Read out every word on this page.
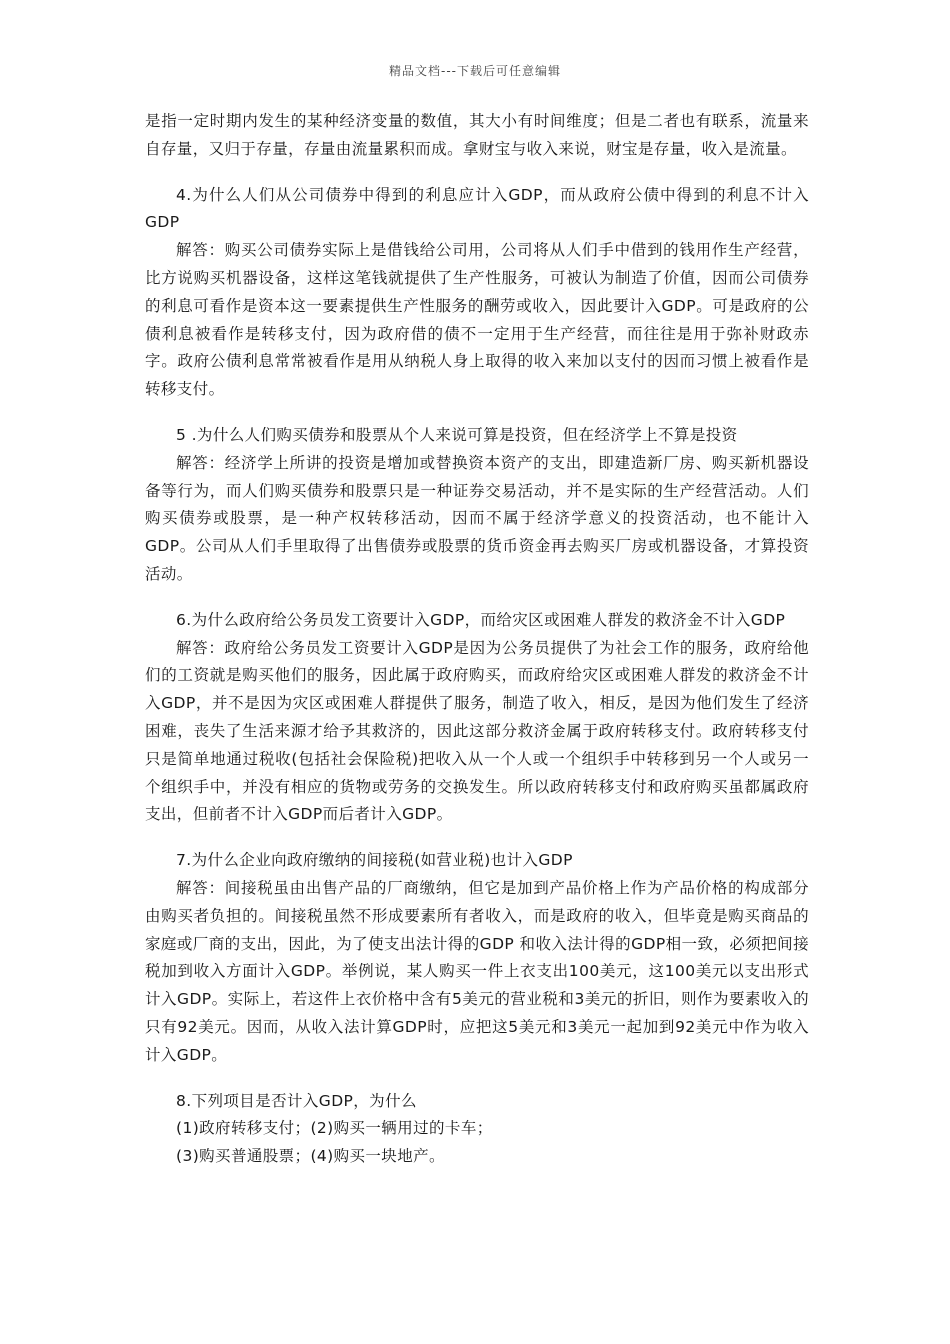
精品文档---下载后可任意编辑

是指一定时期内发生的某种经济变量的数值，其大小有时间维度；但是二者也有联系，流量来自存量，又归于存量，存量由流量累积而成。拿财宝与收入来说，财宝是存量，收入是流量。

4.为什么人们从公司债券中得到的利息应计入GDP，而从政府公债中得到的利息不计入GDP

解答：购买公司债券实际上是借钱给公司用，公司将从人们手中借到的钱用作生产经营，比方说购买机器设备，这样这笔钱就提供了生产性服务，可被认为制造了价值，因而公司债券的利息可看作是资本这一要素提供生产性服务的酬劳或收入，因此要计入GDP。可是政府的公债利息被看作是转移支付，因为政府借的债不一定用于生产经营，而往往是用于弥补财政赤字。政府公债利息常常被看作是用从纳税人身上取得的收入来加以支付的因而习惯上被看作是转移支付。

5 .为什么人们购买债券和股票从个人来说可算是投资，但在经济学上不算是投资

解答：经济学上所讲的投资是增加或替换资本资产的支出，即建造新厂房、购买新机器设备等行为，而人们购买债券和股票只是一种证券交易活动，并不是实际的生产经营活动。人们购买债券或股票，是一种产权转移活动，因而不属于经济学意义的投资活动，也不能计入GDP。公司从人们手里取得了出售债券或股票的货币资金再去购买厂房或机器设备，才算投资活动。

6.为什么政府给公务员发工资要计入GDP，而给灾区或困难人群发的救济金不计入GDP

解答：政府给公务员发工资要计入GDP是因为公务员提供了为社会工作的服务，政府给他们的工资就是购买他们的服务，因此属于政府购买，而政府给灾区或困难人群发的救济金不计入GDP，并不是因为灾区或困难人群提供了服务，制造了收入，相反，是因为他们发生了经济困难，丧失了生活来源才给予其救济的，因此这部分救济金属于政府转移支付。政府转移支付只是简单地通过税收(包括社会保险税)把收入从一个人或一个组织手中转移到另一个人或另一个组织手中，并没有相应的货物或劳务的交换发生。所以政府转移支付和政府购买虽都属政府支出，但前者不计入GDP而后者计入GDP。

7.为什么企业向政府缴纳的间接税(如营业税)也计入GDP

解答：间接税虽由出售产品的厂商缴纳，但它是加到产品价格上作为产品价格的构成部分由购买者负担的。间接税虽然不形成要素所有者收入，而是政府的收入，但毕竟是购买商品的家庭或厂商的支出，因此，为了使支出法计得的GDP 和收入法计得的GDP相一致，必须把间接税加到收入方面计入GDP。举例说，某人购买一件上衣支出100美元，这100美元以支出形式计入GDP。实际上，若这件上衣价格中含有5美元的营业税和3美元的折旧，则作为要素收入的只有92美元。因而，从收入法计算GDP时，应把这5美元和3美元一起加到92美元中作为收入计入GDP。

8.下列项目是否计入GDP，为什么

(1)政府转移支付；(2)购买一辆用过的卡车；

(3)购买普通股票；(4)购买一块地产。
